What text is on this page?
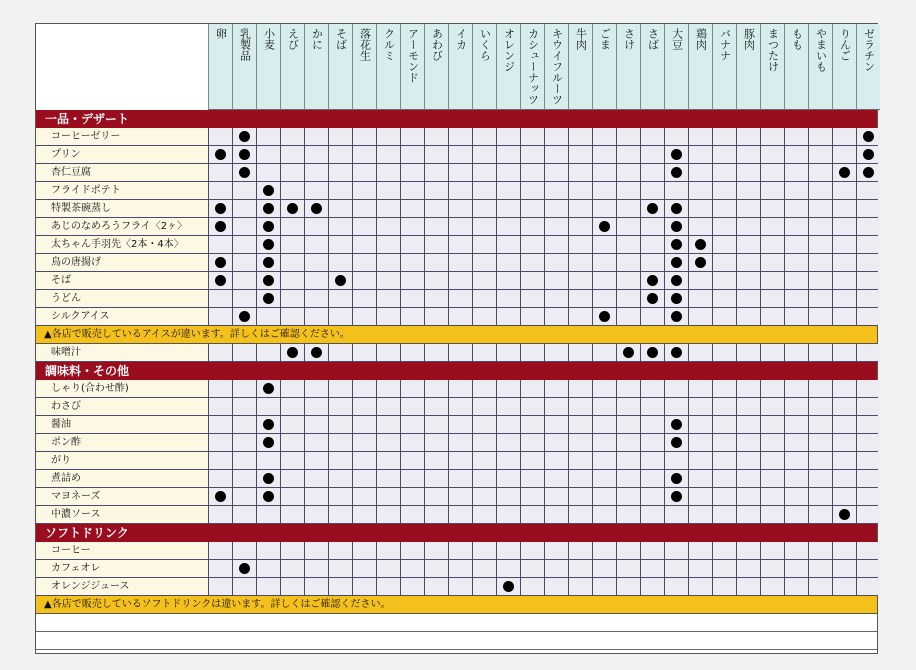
卵 乳製品 小麦 えび かに そば 落花生 クルミ アーモンド あわび イカ いくら オレンジ カシューナッツ キウイフルーツ 牛肉 ごま さけ さば 大豆 鶏肉 バナナ 豚肉 まつたけ もも やまいも りんご ゼラチン
一品・デザート
コーヒーゼリー
プリン
杏仁豆腐
フライドポテト
特製茶碗蒸し
あじのなめろうフライ〈2ヶ〉
太ちゃん手羽先〈2本・4本〉
鳥の唐揚げ
そば
うどん
シルクアイス
▲各店で販売しているアイスが違います。詳しくはご確認ください。
味噌汁
調味料・その他
しゃり(合わせ酢)
わさび
醤油
ポン酢
がり
煮詰め
マヨネーズ
中濃ソース
ソフトドリンク
コーヒー
カフェオレ
オレンジジュース
▲各店で販売しているソフトドリンクは違います。詳しくはご確認ください。
